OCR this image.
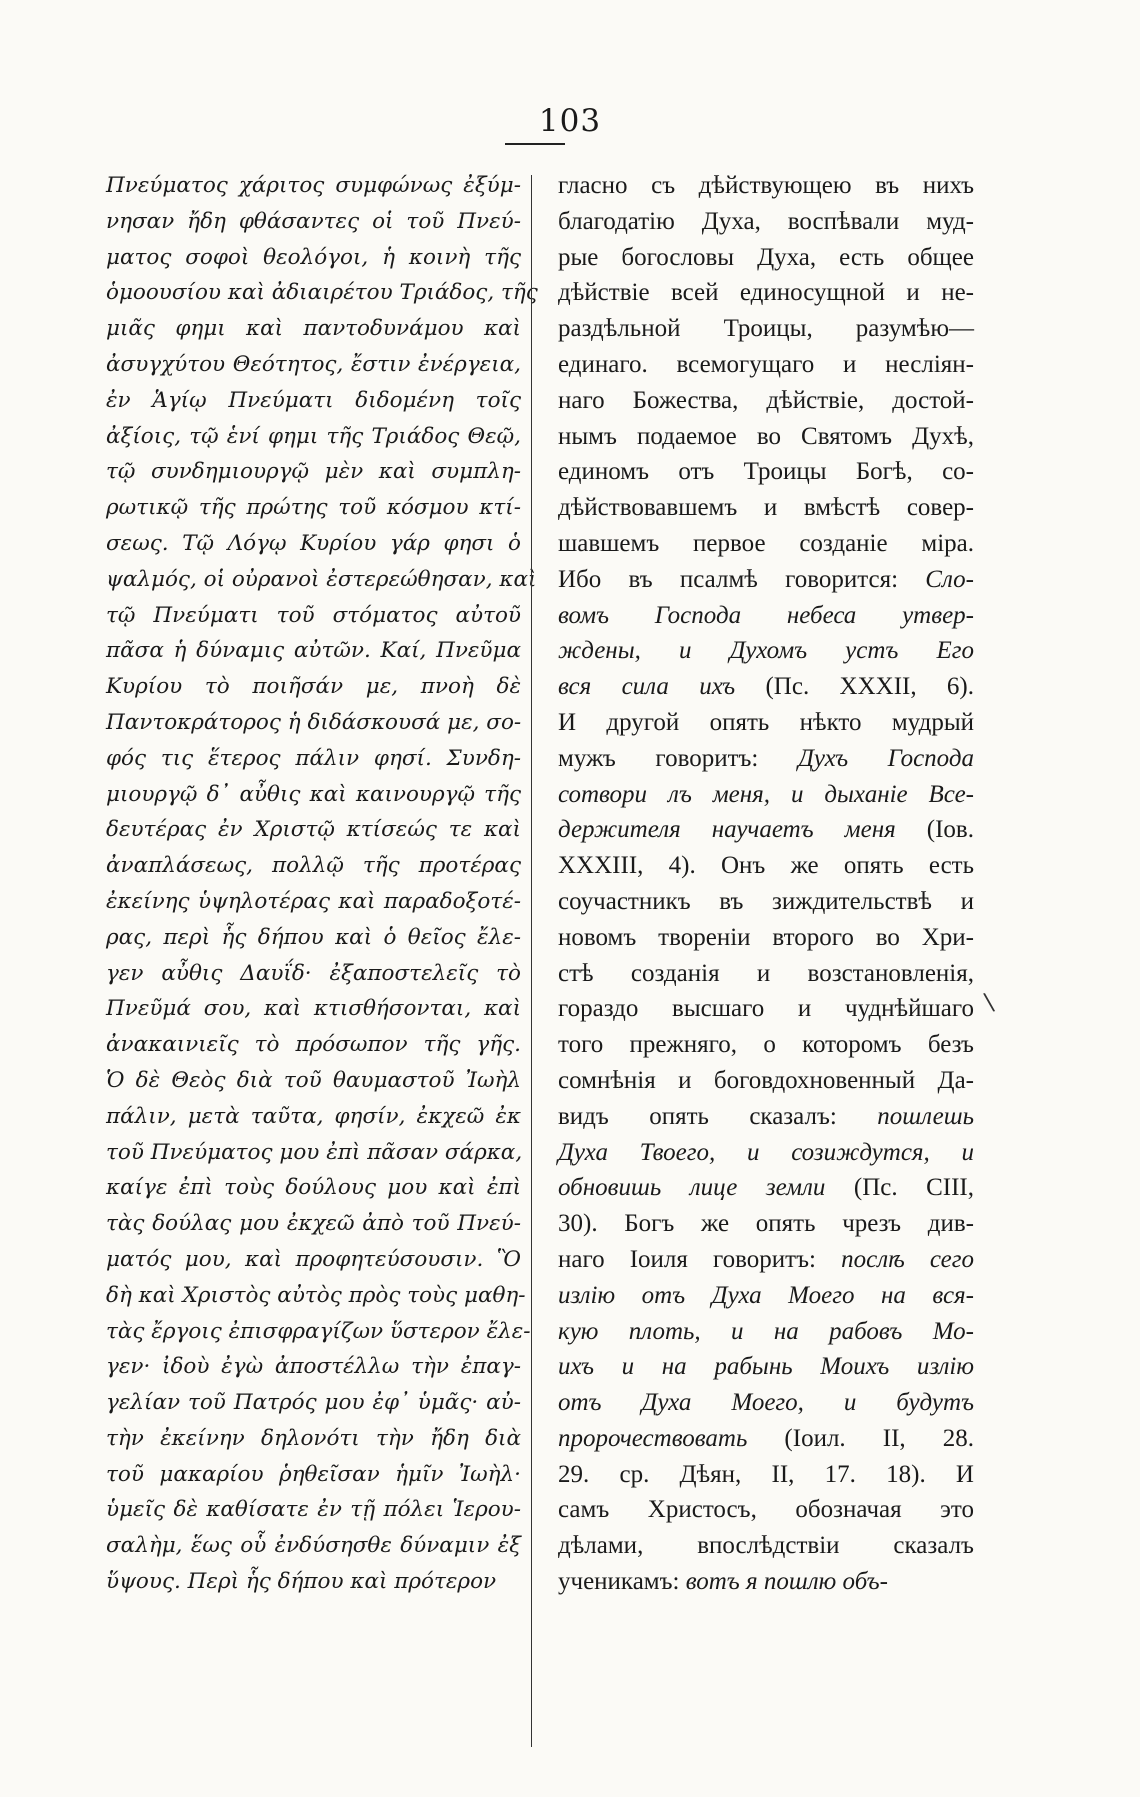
103
Πνεύματος χάριτος συμφώνως ἐξύμ-
νησαν ἤδη φθάσαντες οἱ τοῦ Πνεύ-
ματος σοφοὶ θεολόγοι, ἡ κοινὴ τῆς
ὁμοουσίου καὶ ἀδιαιρέτου Τριάδος, τῆς
μιᾶς φημι καὶ παντοδυνάμου καὶ
ἀσυγχύτου Θεότητος, ἔστιν ἐνέργεια,
ἐν Ἁγίῳ Πνεύματι διδομένη τοῖς
ἀξίοις, τῷ ἑνί φημι τῆς Τριάδος Θεῷ,
τῷ συνδημιουργῷ μὲν καὶ συμπλη-
ρωτικῷ τῆς πρώτης τοῦ κόσμου κτί-
σεως. Τῷ Λόγῳ Κυρίου γάρ φησι ὁ
ψαλμός, οἱ οὐρανοὶ ἐστερεώθησαν, καὶ
τῷ Πνεύματι τοῦ στόματος αὐτοῦ
πᾶσα ἡ δύναμις αὐτῶν. Καί, Πνεῦμα
Κυρίου τὸ ποιῆσάν με, πνοὴ δὲ
Παντοκράτορος ἡ διδάσκουσά με, σο-
φός τις ἕτερος πάλιν φησί. Συνδη-
μιουργῷ δ᾽ αὖθις καὶ καινουργῷ τῆς
δευτέρας ἐν Χριστῷ κτίσεώς τε καὶ
ἀναπλάσεως, πολλῷ τῆς προτέρας
ἐκείνης ὑψηλοτέρας καὶ παραδοξοτέ-
ρας, περὶ ἧς δήπου καὶ ὁ θεῖος ἔλε-
γεν αὖθις Δαυΐδ· ἐξαποστελεῖς τὸ
Πνεῦμά σου, καὶ κτισθήσονται, καὶ
ἀνακαινιεῖς τὸ πρόσωπον τῆς γῆς.
Ὁ δὲ Θεὸς διὰ τοῦ θαυμαστοῦ Ἰωὴλ
πάλιν, μετὰ ταῦτα, φησίν, ἐκχεῶ ἐκ
τοῦ Πνεύματος μου ἐπὶ πᾶσαν σάρκα,
καίγε ἐπὶ τοὺς δούλους μου καὶ ἐπὶ
τὰς δούλας μου ἐκχεῶ ἀπὸ τοῦ Πνεύ-
ματός μου, καὶ προφητεύσουσιν. Ὃ
δὴ καὶ Χριστὸς αὐτὸς πρὸς τοὺς μαθη-
τὰς ἔργοις ἐπισφραγίζων ὕστερον ἔλε-
γεν· ἰδοὺ ἐγὼ ἀποστέλλω τὴν ἐπαγ-
γελίαν τοῦ Πατρός μου ἐφ᾽ ὑμᾶς· αὐ-
τὴν ἐκείνην δηλονότι τὴν ἤδη διὰ
τοῦ μακαρίου ῥηθεῖσαν ἡμῖν Ἰωὴλ·
ὑμεῖς δὲ καθίσατε ἐν τῇ πόλει Ἱερου-
σαλὴμ, ἕως οὗ ἐνδύσησθε δύναμιν ἐξ
ὕψους. Περὶ ἧς δήπου καὶ πρότερον
гласно съ дѣйствующею въ нихъ
благодатію Духа, воспѣвали муд-
рые богословы Духа, есть общее
дѣйствіе всей единосущной и не-
раздѣльной Троицы, разумѣю—
единаго. всемогущаго и несліян-
наго Божества, дѣйствіе, достой-
нымъ подаемое во Святомъ Духѣ,
единомъ отъ Троицы Богѣ, со-
дѣйствовавшемъ и вмѣстѣ совер-
шавшемъ первое созданіе міра.
Ибо въ псалмѣ говорится: Сло-
вомъ Господа небеса утвер-
ждены, и Духомъ устъ Его
вся сила ихъ (Пс. XXXII, 6).
И другой опять нѣкто мудрый
мужъ говоритъ: Духъ Господа
сотвори лъ меня, и дыханіе Все-
держителя научаетъ меня (Іов.
XXXIII, 4). Онъ же опять есть
соучастникъ въ зиждительствѣ и
новомъ твореніи второго во Хри-
стѣ созданія и возстановленія,
гораздо высшаго и чуднѣйшаго
того прежняго, о которомъ безъ
сомнѣнія и боговдохновенный Да-
видъ опять сказалъ: пошлешь
Духа Твоего, и созиждутся, и
обновишь лице земли (Пс. CIII,
30). Богъ же опять чрезъ див-
наго Іоиля говоритъ: послѣ сего
излію отъ Духа Моего на вся-
кую плоть, и на рабовъ Мо-
ихъ и на рабынь Моихъ излію
отъ Духа Моего, и будутъ
пророчествовать (Іоил. II, 28.
29. ср. Дѣян, II, 17. 18). И
самъ Христосъ, обозначая это
дѣлами, впослѣдствіи сказалъ
ученикамъ: вотъ я пошлю объ-
\
